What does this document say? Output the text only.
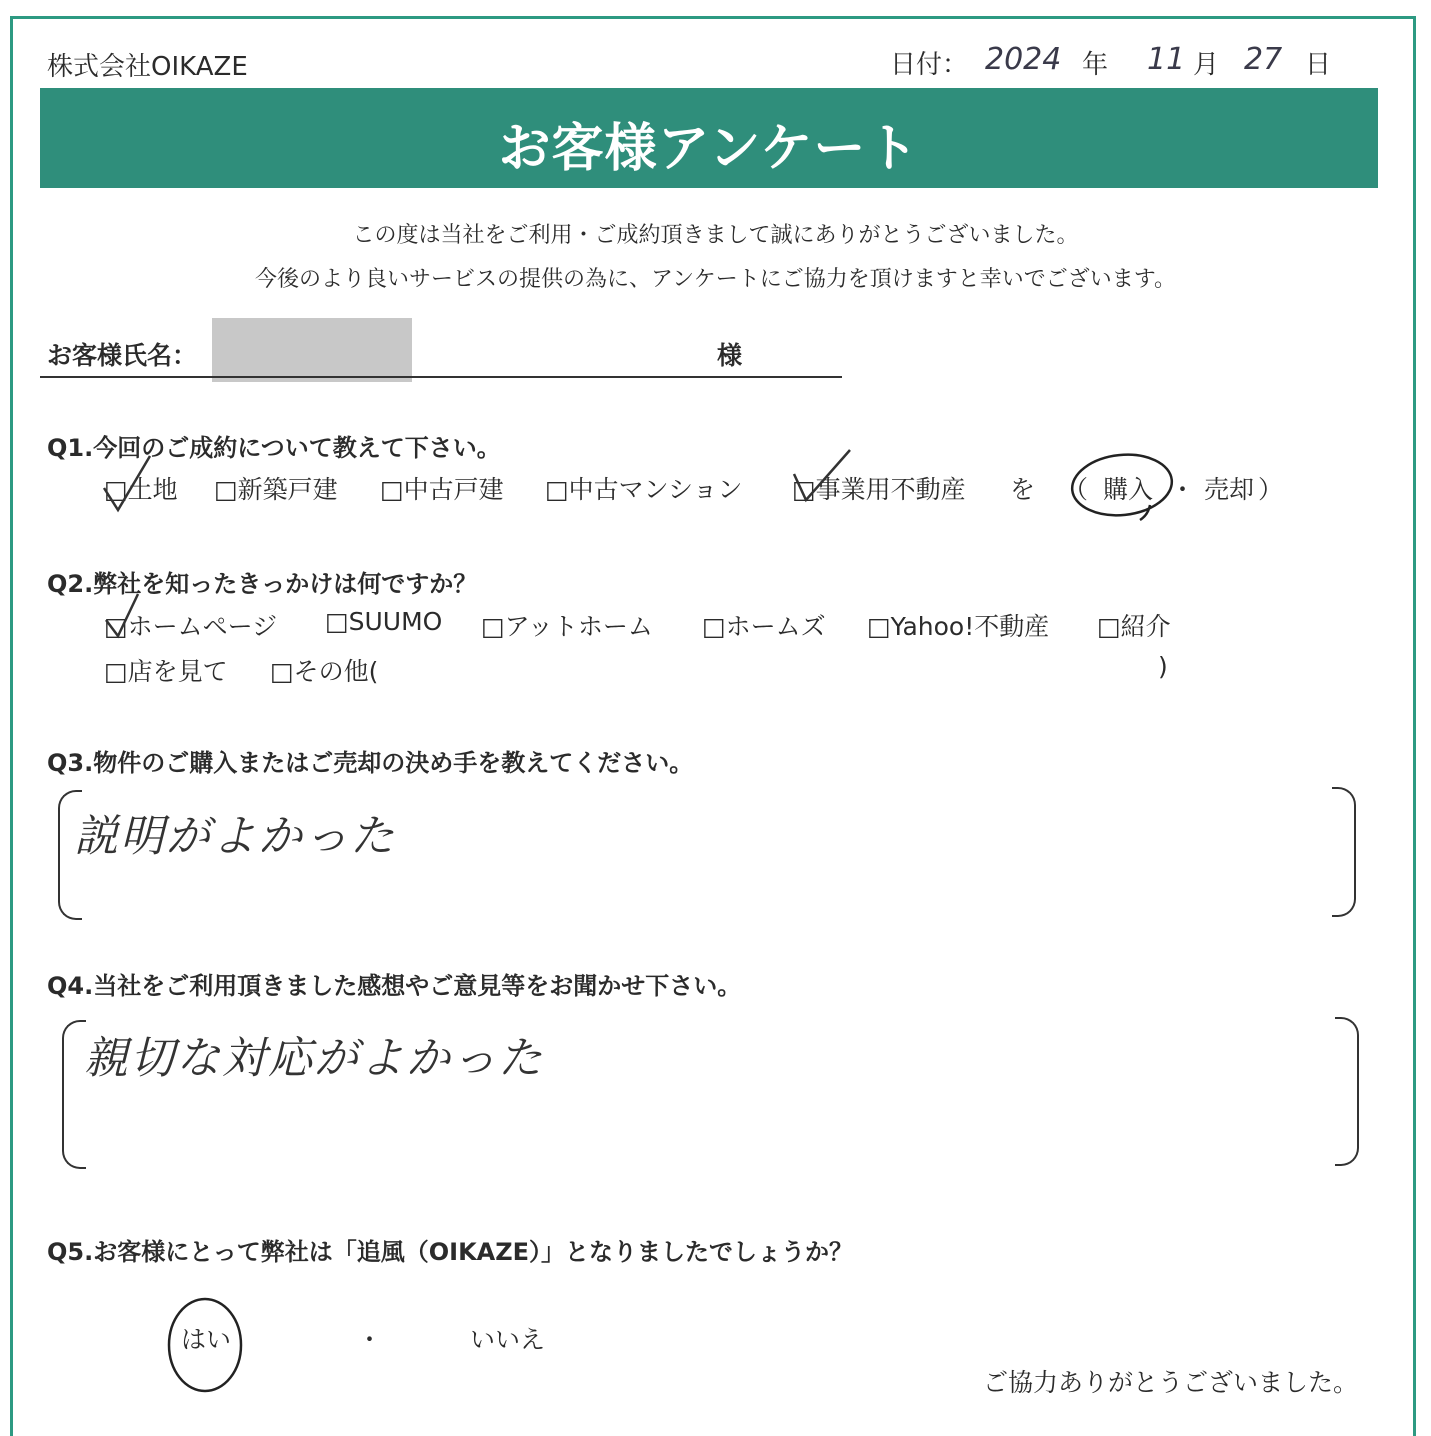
株式会社OIKAZE	日付： 2024 年 11 月 27 日
お客様アンケート
この度は当社をご利用・ご成約頂きまして誠にありがとうございました。
今後のより良いサービスの提供の為に、アンケートにご協力を頂けますと幸いでございます。
お客様氏名：	様
Q1.今回のご成約について教えて下さい。
□土地 □新築戸建 □中古戸建 □中古マンション □事業用不動産 を （ 購入 ・ 売却 ）
Q2.弊社を知ったきっかけは何ですか？
□ホームページ □SUUMO □アットホーム □ホームズ □Yahoo!不動産 □紹介
□店を見て □その他(	)
Q3.物件のご購入またはご売却の決め手を教えてください。
説明がよかった
Q4.当社をご利用頂きました感想やご意見等をお聞かせ下さい。
親切な対応がよかった
Q5.お客様にとって弊社は「追風（OIKAZE）」となりましたでしょうか？
はい	・	いいえ
ご協力ありがとうございました。
